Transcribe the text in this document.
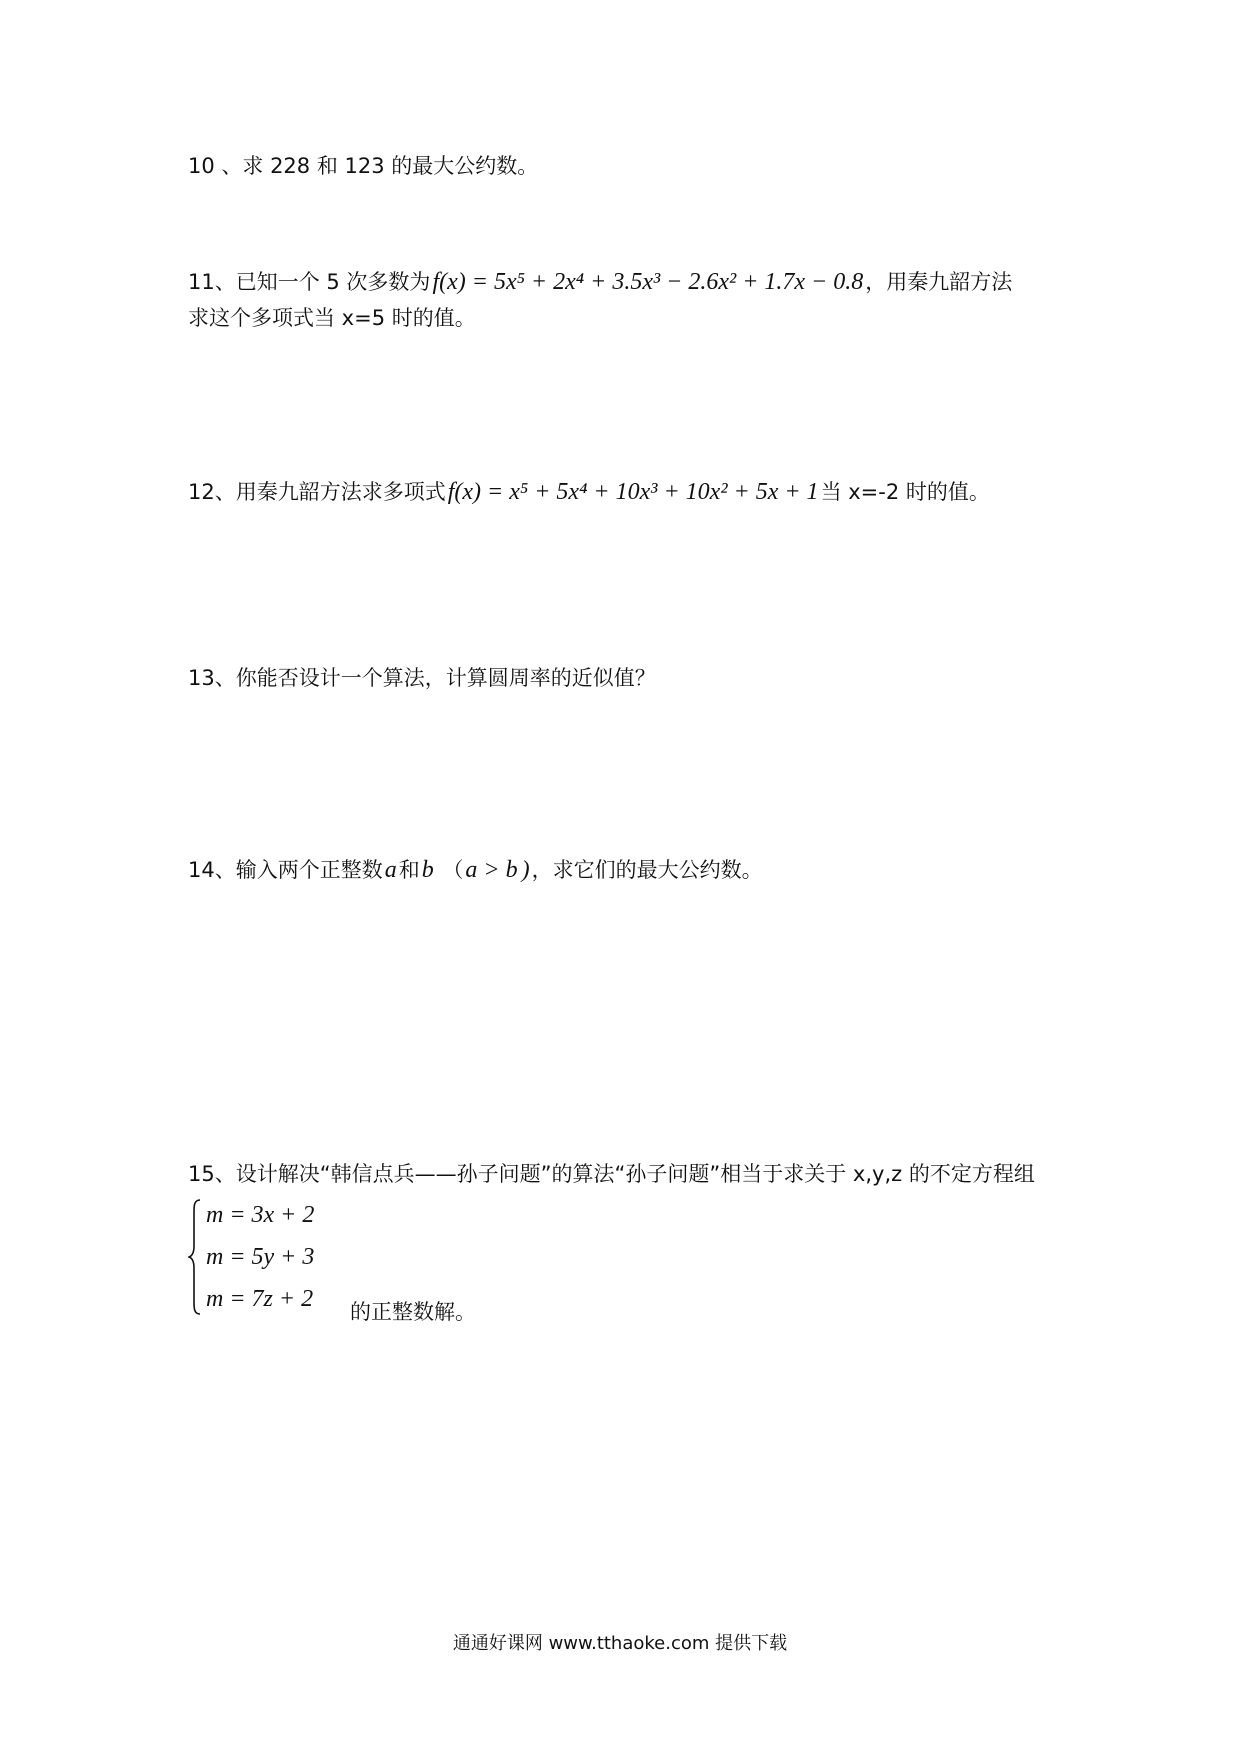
10 、求 228 和 123 的最大公约数。
11、已知一个 5 次多数为f(x) = 5x⁵ + 2x⁴ + 3.5x³ − 2.6x² + 1.7x − 0.8，用秦九韶方法
求这个多项式当 x=5 时的值。
12、用秦九韶方法求多项式f(x) = x⁵ + 5x⁴ + 10x³ + 10x² + 5x + 1当 x=-2 时的值。
13、你能否设计一个算法，计算圆周率的近似值？
14、输入两个正整数a和b （a > b )，求它们的最大公约数。
15、设计解决“韩信点兵——孙子问题”的算法“孙子问题”相当于求关于 x,y,z 的不定方程组
m = 3x + 2
m = 5y + 3
m = 7z + 2 的正整数解。
通通好课网 www.tthaoke.com 提供下载
